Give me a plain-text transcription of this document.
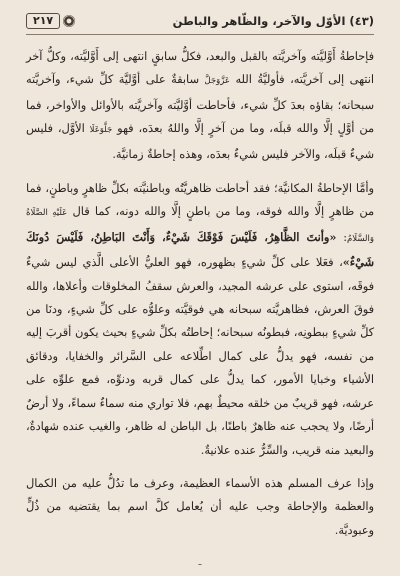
(٤٣) الأوّل والآخر، والظّاهر والباطن
٢١٧

فإحاطةُ أَوَّليَّته وآخريَّته بالقبل والبعد، فكلُّ سابقٍ انتهى إلى أَوَّليَّته، وكلُّ آخر انتهى إلى آخريَّته، فأوليَّةُ الله عَزَّوَجَلَّ سابقةٌ على أوَّليَّة كلِّ شيء، وآخريَّته سبحانه؛ بقاؤه بعدَ كلِّ شيء، فأحاطت أوَّليَّته وآخريَّته بالأوائل والأواخر، فما من أوَّلٍ إلَّا والله قبلَه، وما من آخرٍ إلَّا واللهُ بعدَه، فهو جَلَّوَعَلَا الأوَّل، فليس شيءٌ قبلَه، والآخر فليس شيءٌ بعدَه، وهذه إحاطةٌ زمانيَّة.

وأمَّا الإحاطةُ المكانيَّة؛ فقد أحاطت ظاهريَّتُه وباطنيَّته بكلِّ ظاهرٍ وباطنٍ، فما من ظاهرٍ إلَّا والله فوقه، وما من باطنٍ إلَّا والله دونه، كما قال عَلَيْهِ الصَّلَاةُ وَالسَّلَامُ: «وأنتَ الظَّاهِرُ، فَلَيْسَ فَوْقَكَ شَيْءٌ، وَأَنْتَ البَاطِنُ، فَلَيْسَ دُونَكَ شَيْءٌ»، فعَلا على كلِّ شيءٍ بظهوره، فهو العليُّ الأعلى الَّذي ليس شيءٌ فوقَه، استوى على عرشه المجيد، والعرش سقفُ المخلوقات وأعلاها، والله فوقَ العرش، فظاهريَّته سبحانه هي فوقيَّته وعلوُّه على كلِّ شيءٍ، ودنَا من كلِّ شيءٍ ببطونِه، فبطونُه سبحانه؛ إحاطتُه بكلِّ شيءٍ بحيث يكون أقربَ إليه من نفسه، فهو يدلُّ على كمال اطِّلاعه على السَّرائر والخفايا، ودقائق الأشياء وخبايا الأمور، كما يدلُّ على كمال قربه ودنوِّه، فمع علوِّه على عرشه، فهو قريبٌ من خلقه محيطٌ بهم، فلا تواري منه سماءٌ سماءً، ولا أرضٌ أرضًا، ولا يحجب عنه ظاهرٌ باطنًا، بل الباطن له ظاهر، والغيب عنده شهادةٌ، والبعيد منه قريب، والسِّرُّ عنده علانيةٌ.

وإذا عرف المسلم هذه الأسماء العظيمة، وعرف ما تدُلُّ عليه من الكمال والعظمة والإحاطة وجب عليه أن يُعامل كلَّ اسم بما يقتضيه من ذُلٍّ وعبوديَّة.

ـ
